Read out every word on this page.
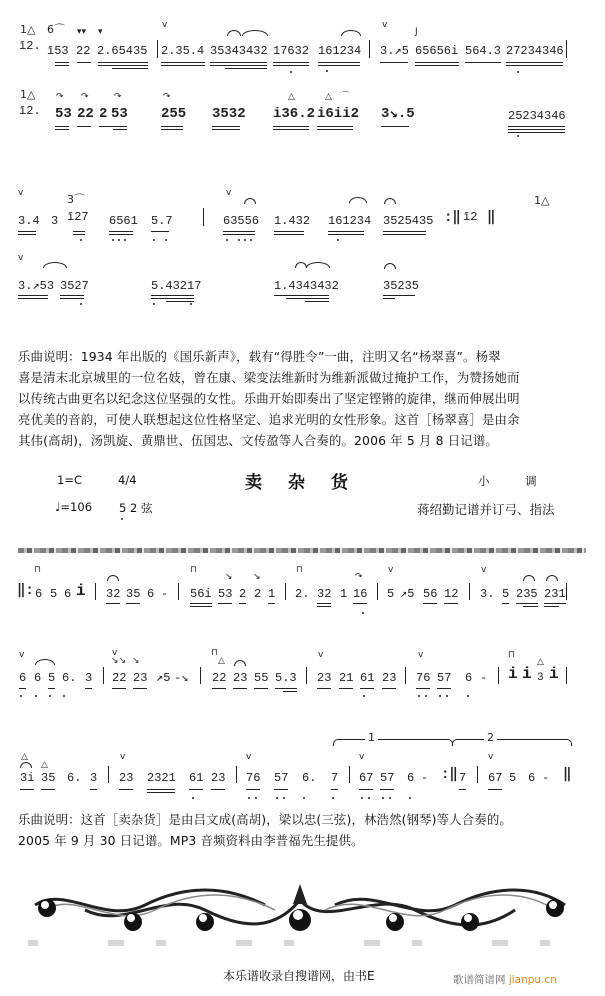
1△
ī2.
6⌒ ▾▾ ▾
v	v
J
ī53 22 2.65435 2.35.4 35343432 17632 161234 3.↗5 65656i 564.3 27234346
1△
ī2.
↷ ↷	↷	↷	△	△ ⌒
53 22 2 53 255 3532 i36.2 i6ii2 3↘.5	25234346
v	3⌒	v
1△
3.4 3 ī27 6561 5.7	63556 1.432 161234 3525435 :‖ ī2 ‖
v
3.↗53 3527	5.43217	1.4343432	35235
乐曲说明：1934 年出版的《国乐新声》，载有“得胜令”一曲，注明又名“杨翠喜”。杨翠
喜是清末北京城里的一位名妓，曾在康、梁变法维新时为维新派做过掩护工作，为赞扬她而
以传统古曲更名以纪念这位坚强的女性。乐曲开始即奏出了坚定铿锵的旋律，继而伸展出明
亮优美的音韵，可使人联想起这位性格坚定、追求光明的女性形象。这首［杨翠喜］是由余
其伟(高胡)，汤凯旋、黄鼎世、伍国忠、文传盈等人合奏的。2006 年 5 月 8 日记谱。
1=C	4/4	卖杂货	小 调
♩=106 5 2 弦	蒋绍勤记谱并订弓、指法
⊓	⊓
↘ ↘
⊓
↷
v	v
‖: 6 5 6 i 32 35 6 - 56i 53 2 2 1 2. 32 1 16 5 ↗5 56 12 3. 5 235 231
v	v
↘↘ ↘
⊓
△
v	v	⊓
△
6 6 5 6. 3 22 23 ↗5 -↘ 22 23 55 5.3 23 21 61 23 76 57 6 - i i 3 i
1	2
△
△
v	v	v	v
3i 35 6. 3 23 2321 61 23 76 57 6. 7 67 57 6 - :‖ 7 67 5 6 - ‖
乐曲说明：这首［卖杂货］是由吕文成(高胡)，梁以忠(三弦)，林浩然(钢琴)等人合奏的。
2005 年 9 月 30 日记谱。MP3 音频资料由李普福先生提供。
本乐谱收录自搜谱网，由书E	歌谱简谱网 jianpu.cn
